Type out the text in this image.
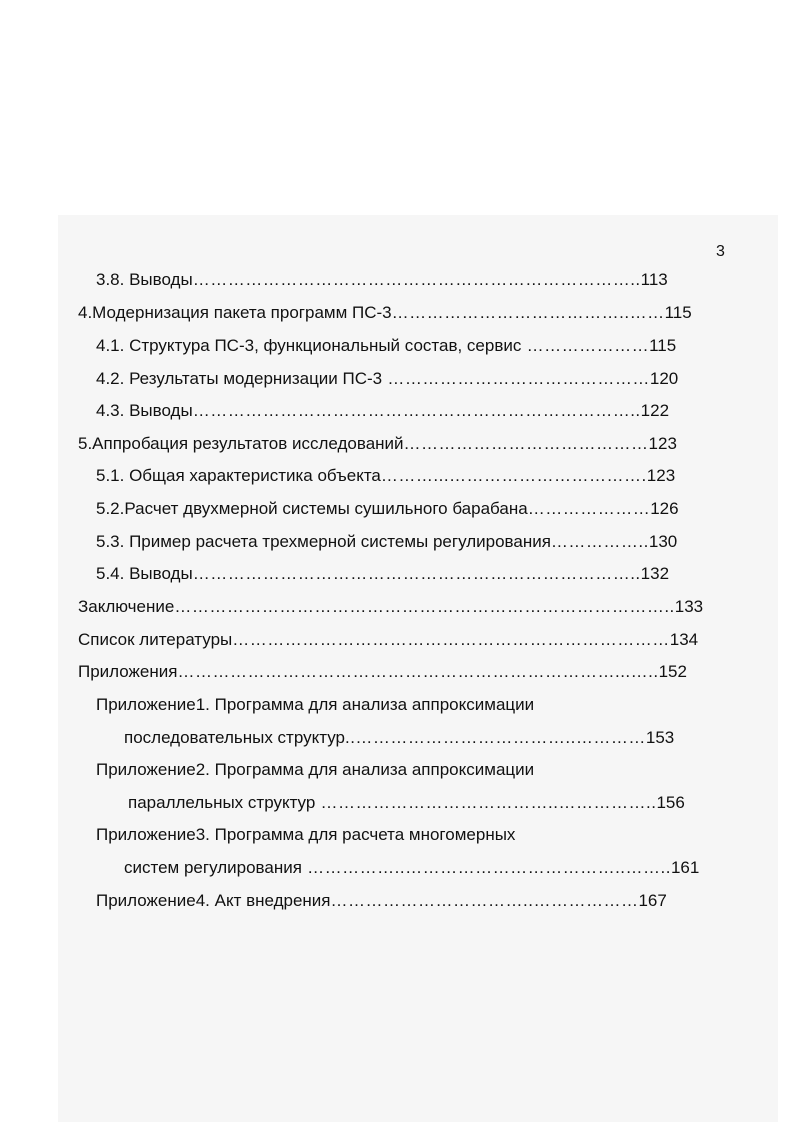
3
3.8. Выводы…………………………………………………………………..113
4.Модернизация пакета программ ПС-3…………………………………..……115
4.1. Структура ПС-3, функциональный состав, сервис …………………115
4.2. Результаты модернизации ПС-3 ………………………………………120
4.3. Выводы…………………………………………………………………..122
5.Аппробация результатов исследований……………………………………123
5.1. Общая характеристика объекта………...…………………………….123
5.2.Расчет двухмерной системы сушильного барабана…………………126
5.3. Пример расчета трехмерной системы регулирования……………..130
5.4. Выводы…………………………………………………………………..132
Заключение…………………………………………………………………………..133
Список литературы…………………………………………………………………134
Приложения…………………………………………………………………...…..152
Приложение1. Программа для анализа аппроксимации
последовательных структур..………………………………..…………153
Приложение2. Программа для анализа аппроксимации
параллельных структур …………………………………..……………..156
Приложение3. Программа для расчета многомерных
систем регулирования ……………..………………………………..……..161
Приложение4. Акт внедрения……………………………..………………167
